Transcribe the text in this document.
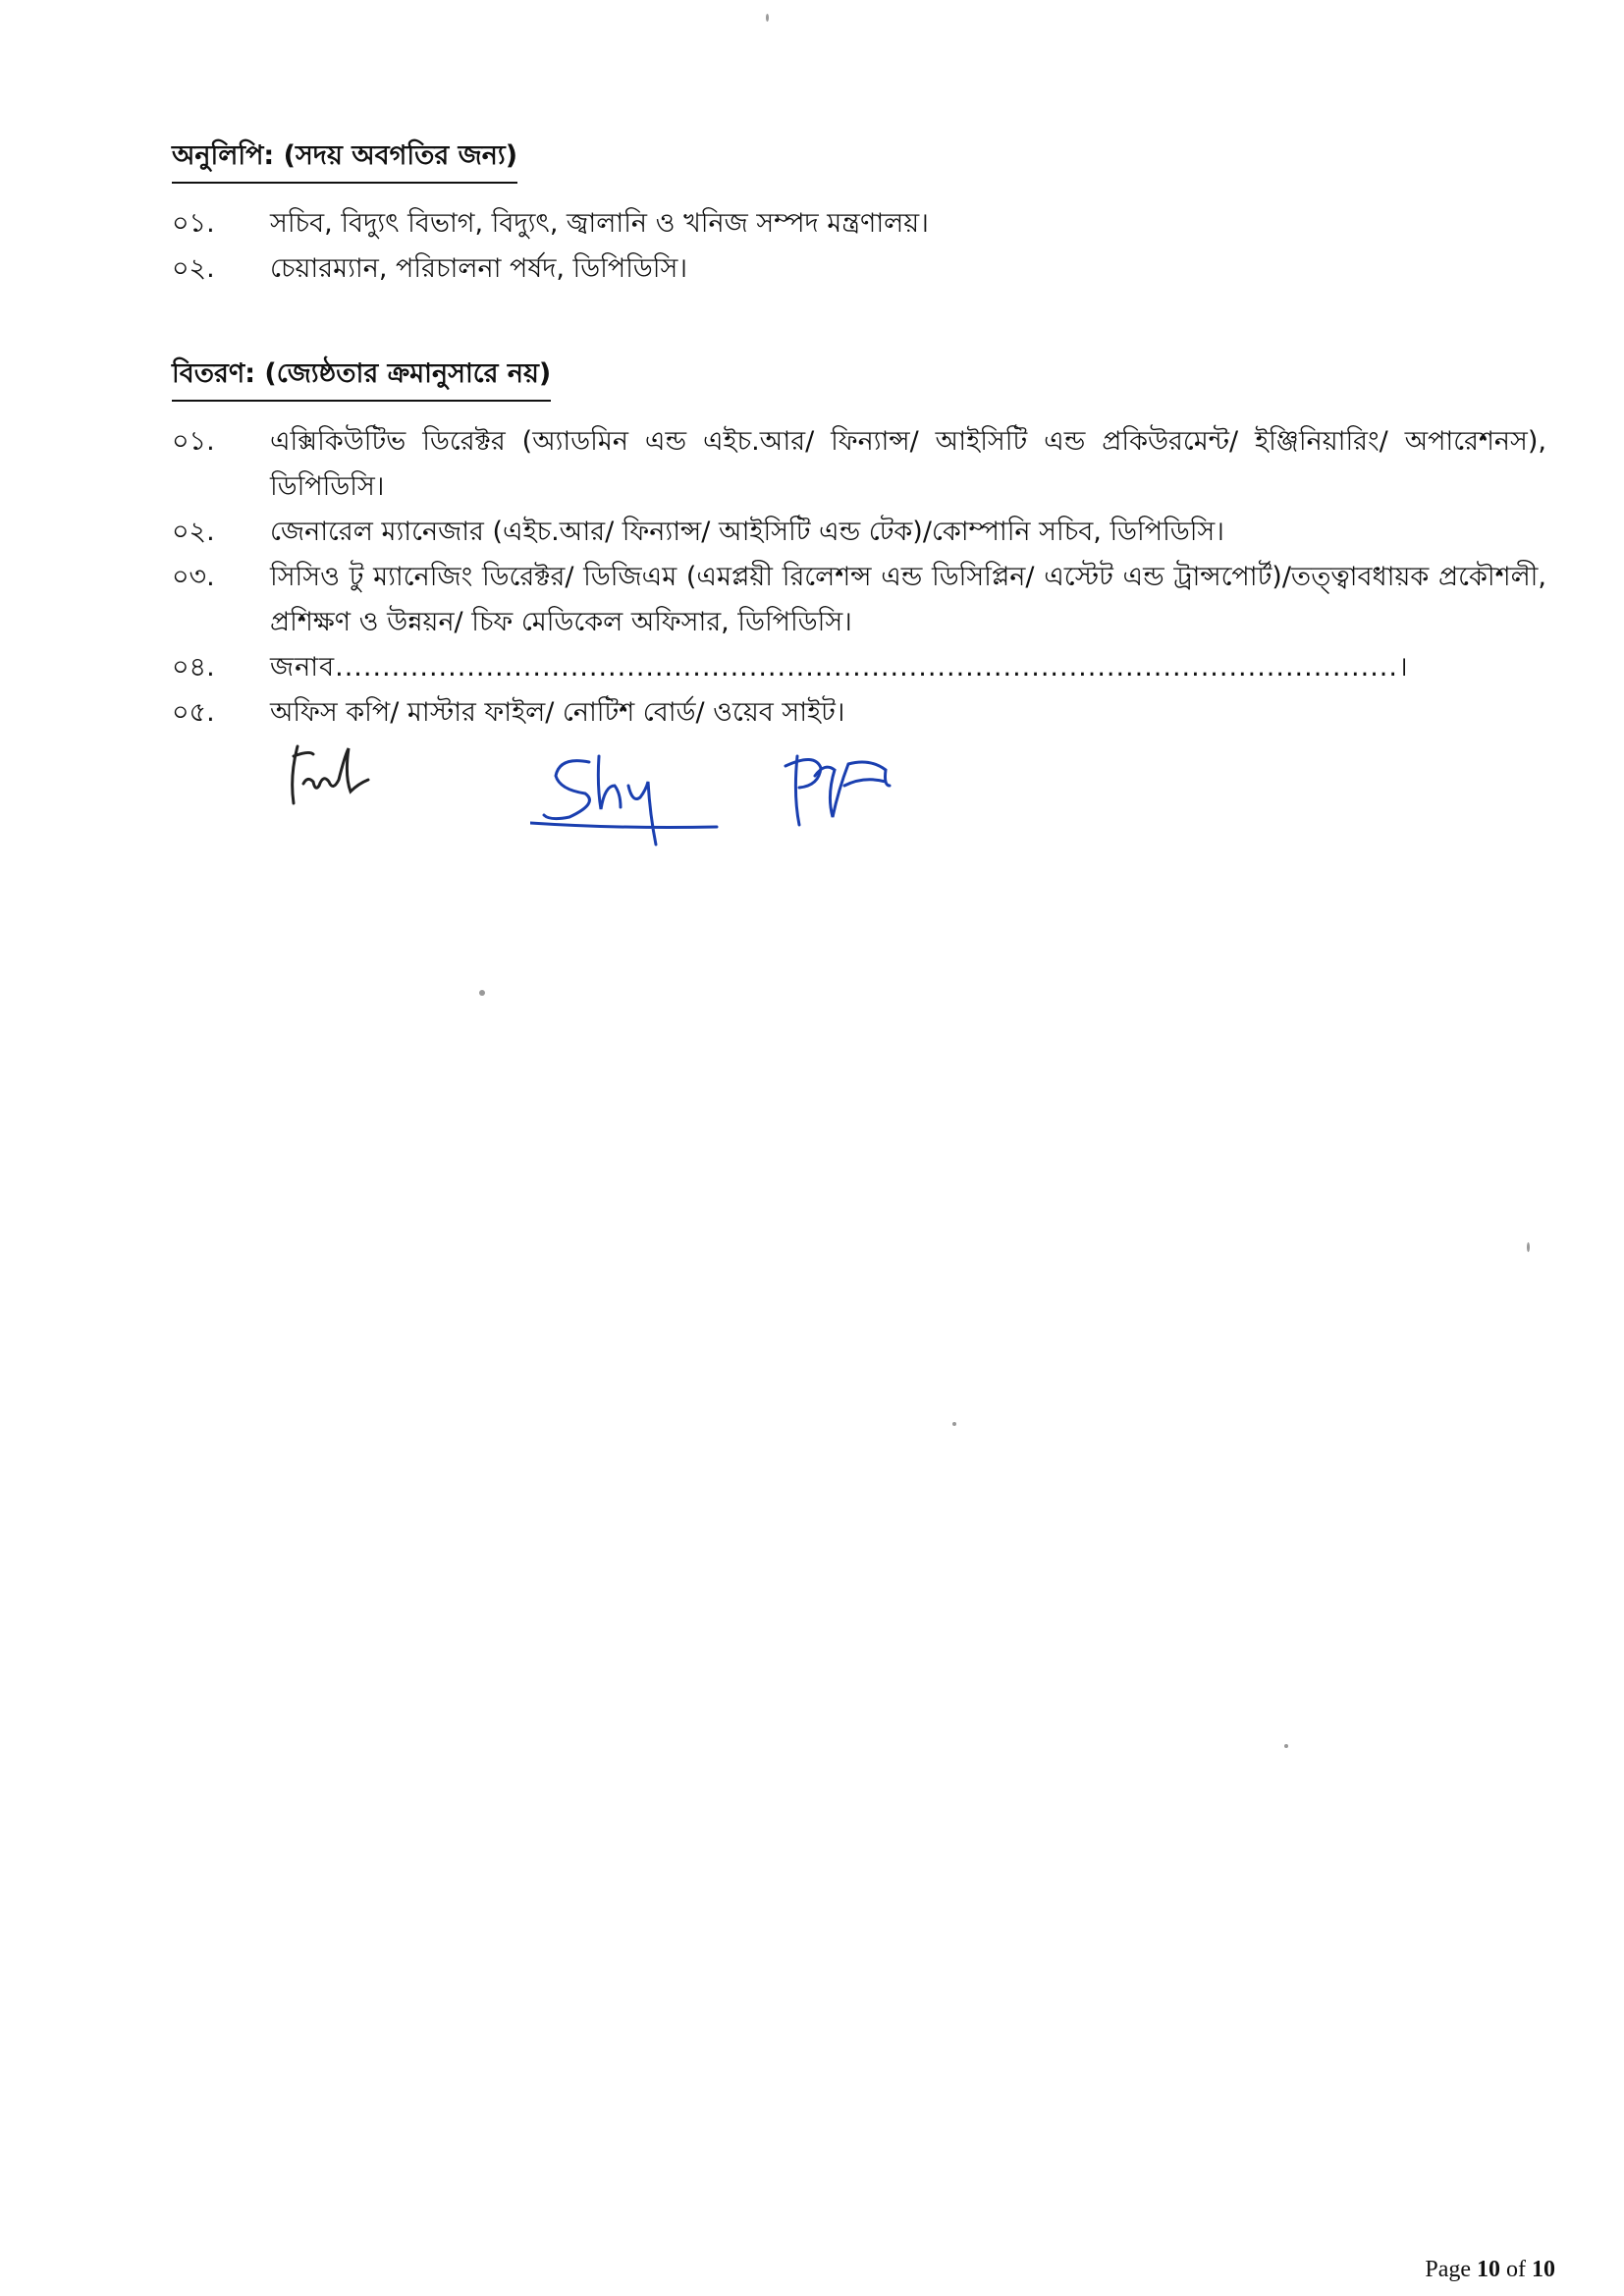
অনুলিপি: (সদয় অবগতির জন্য)
০১.	সচিব, বিদ্যুৎ বিভাগ, বিদ্যুৎ, জ্বালানি ও খনিজ সম্পদ মন্ত্রণালয়।
০২.	চেয়ারম্যান, পরিচালনা পর্ষদ, ডিপিডিসি।
বিতরণ: (জ্যেষ্ঠতার ক্রমানুসারে নয়)
০১.	এক্সিকিউটিভ ডিরেক্টর (অ্যাডমিন এন্ড এইচ.আর/ ফিন্যান্স/ আইসিটি এন্ড প্রকিউরমেন্ট/ ইঞ্জিনিয়ারিং/ অপারেশনস), ডিপিডিসি।
০২.	জেনারেল ম্যানেজার (এইচ.আর/ ফিন্যান্স/ আইসিটি এন্ড টেক)/কোম্পানি সচিব, ডিপিডিসি।
০৩.	সিসিও টু ম্যানেজিং ডিরেক্টর/ ডিজিএম (এমপ্লয়ী রিলেশন্স এন্ড ডিসিপ্লিন/ এস্টেট এন্ড ট্রান্সপোর্ট)/তত্ত্বাবধায়ক প্রকৌশলী, প্রশিক্ষণ ও উন্নয়ন/ চিফ মেডিকেল অফিসার, ডিপিডিসি।
০৪.	জনাব.................................................................................................................।
০৫.	অফিস কপি/ মাস্টার ফাইল/ নোটিশ বোর্ড/ ওয়েব সাইট।
Page 10 of 10
